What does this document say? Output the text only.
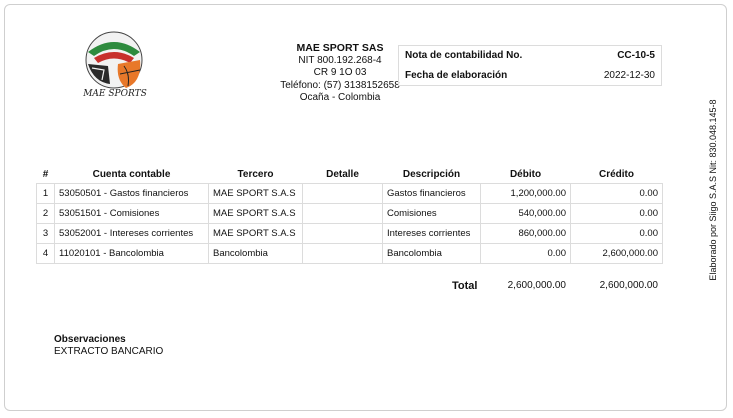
MAE SPORTS
MAE SPORT SAS
NIT 800.192.268-4
CR 9 1O 03
Teléfono: (57) 3138152658
Ocaña - Colombia
Nota de contabilidad No.	CC-10-5
Fecha de elaboración	2022-12-30
Elaborado por Siigo S.A.S Nit: 830.048.145-8
#	Cuenta contable	Tercero	Detalle	Descripción	Débito	Crédito
1	53050501 - Gastos financieros	MAE SPORT S.A.S		Gastos financieros	1,200,000.00	0.00
2	53051501 - Comisiones	MAE SPORT S.A.S		Comisiones	540,000.00	0.00
3	53052001 - Intereses corrientes	MAE SPORT S.A.S		Intereses corrientes	860,000.00	0.00
4	11020101 - Bancolombia	Bancolombia		Bancolombia	0.00	2,600,000.00
Total	2,600,000.00	2,600,000.00
Observaciones
EXTRACTO BANCARIO
